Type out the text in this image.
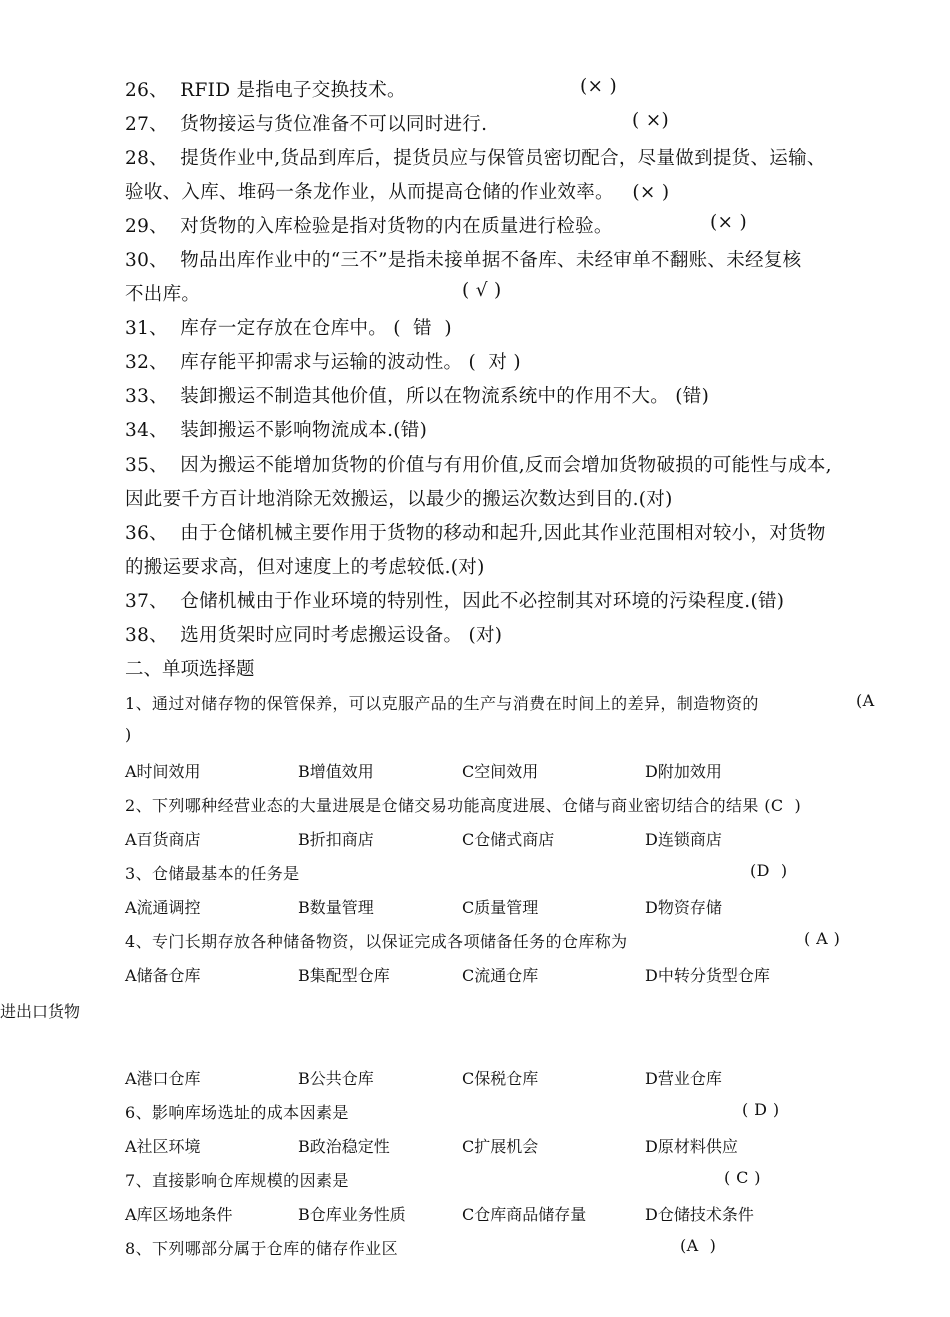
26、  RFID 是指电子交换技术。	(× )
27、  货物接运与货位准备不可以同时进行.	( ×)
28、  提货作业中,货品到库后，提货员应与保管员密切配合，尽量做到提货、运输、
验收、入库、堆码一条龙作业，从而提高仓储的作业效率。   (× )
29、  对货物的入库检验是指对货物的内在质量进行检验。	(× )
30、  物品出库作业中的“三不”是指未接单据不备库、未经审单不翻账、未经复核
不出库。	( √ )
31、  库存一定存放在仓库中。 (  错  )
32、  库存能平抑需求与运输的波动性。 (  对 )
33、  装卸搬运不制造其他价值，所以在物流系统中的作用不大。 (错)
34、  装卸搬运不影响物流成本.(错)
35、  因为搬运不能增加货物的价值与有用价值,反而会增加货物破损的可能性与成本,
因此要千方百计地消除无效搬运，以最少的搬运次数达到目的.(对)
36、  由于仓储机械主要作用于货物的移动和起升,因此其作业范围相对较小，对货物
的搬运要求高，但对速度上的考虑较低.(对)
37、  仓储机械由于作业环境的特别性，因此不必控制其对环境的污染程度.(错)
38、  选用货架时应同时考虑搬运设备。 (对)
二、单项选择题
1、通过对储存物的保管保养，可以克服产品的生产与消费在时间上的差异，制造物资的	(A
)
A时间效用	B增值效用	C空间效用	D附加效用
2、下列哪种经营业态的大量进展是仓储交易功能高度进展、仓储与商业密切结合的结果 (C  )
A百货商店	B折扣商店	C仓储式商店	D连锁商店
3、仓储最基本的任务是	(D  )
A流通调控	B数量管理	C质量管理	D物资存储
4、专门长期存放各种储备物资，以保证完成各项储备任务的仓库称为	( A )
A储备仓库	B集配型仓库	C流通仓库	D中转分货型仓库
进出口货物
A港口仓库	B公共仓库	C保税仓库	D营业仓库
6、影响库场选址的成本因素是	( D )
A社区环境	B政治稳定性	C扩展机会	D原材料供应
7、直接影响仓库规模的因素是	( C )
A库区场地条件	B仓库业务性质	C仓库商品储存量	D仓储技术条件
8、下列哪部分属于仓库的储存作业区	(A  )
